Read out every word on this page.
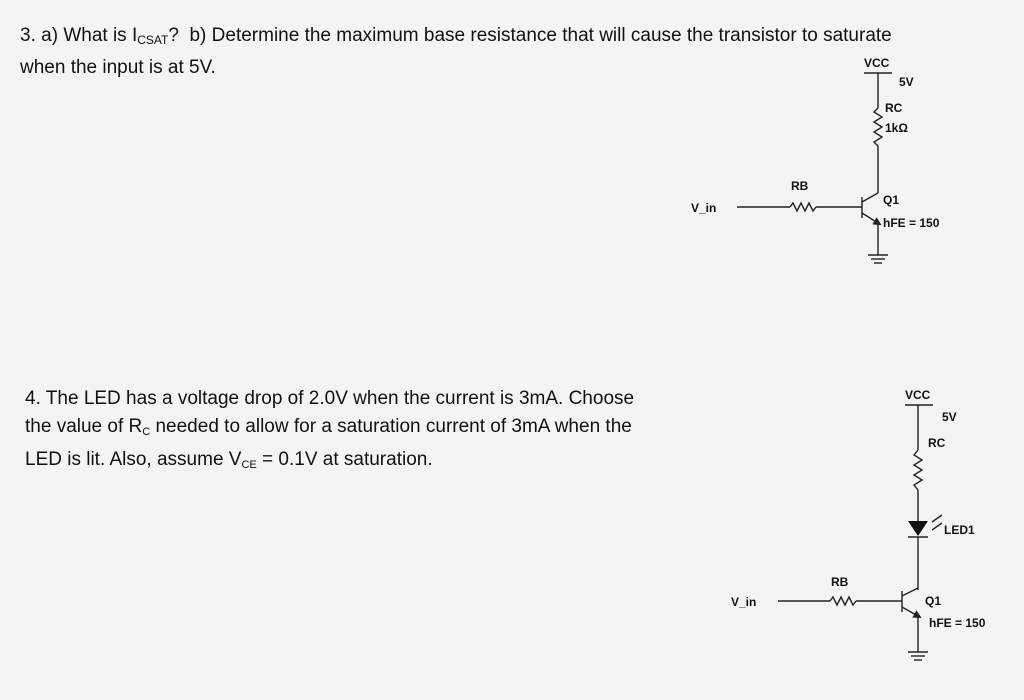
3. a) What is $I_{CSAT}$? b) Determine the maximum base resistance that will cause the transistor to saturate
when the input is at 5V.

4. The LED has a voltage drop of 2.0V when the current is 3mA. Choose
the value of RC needed to allow for a saturation current of 3mA when the
LED is lit. Also, assume VCE = 0.1V at saturation.

VCC
5V
RC
1kΩ
RB
V_in
Q1
hFE = 150
VCC
5V
RC
LED1
RB
V_in	Q1
hFE = 150
